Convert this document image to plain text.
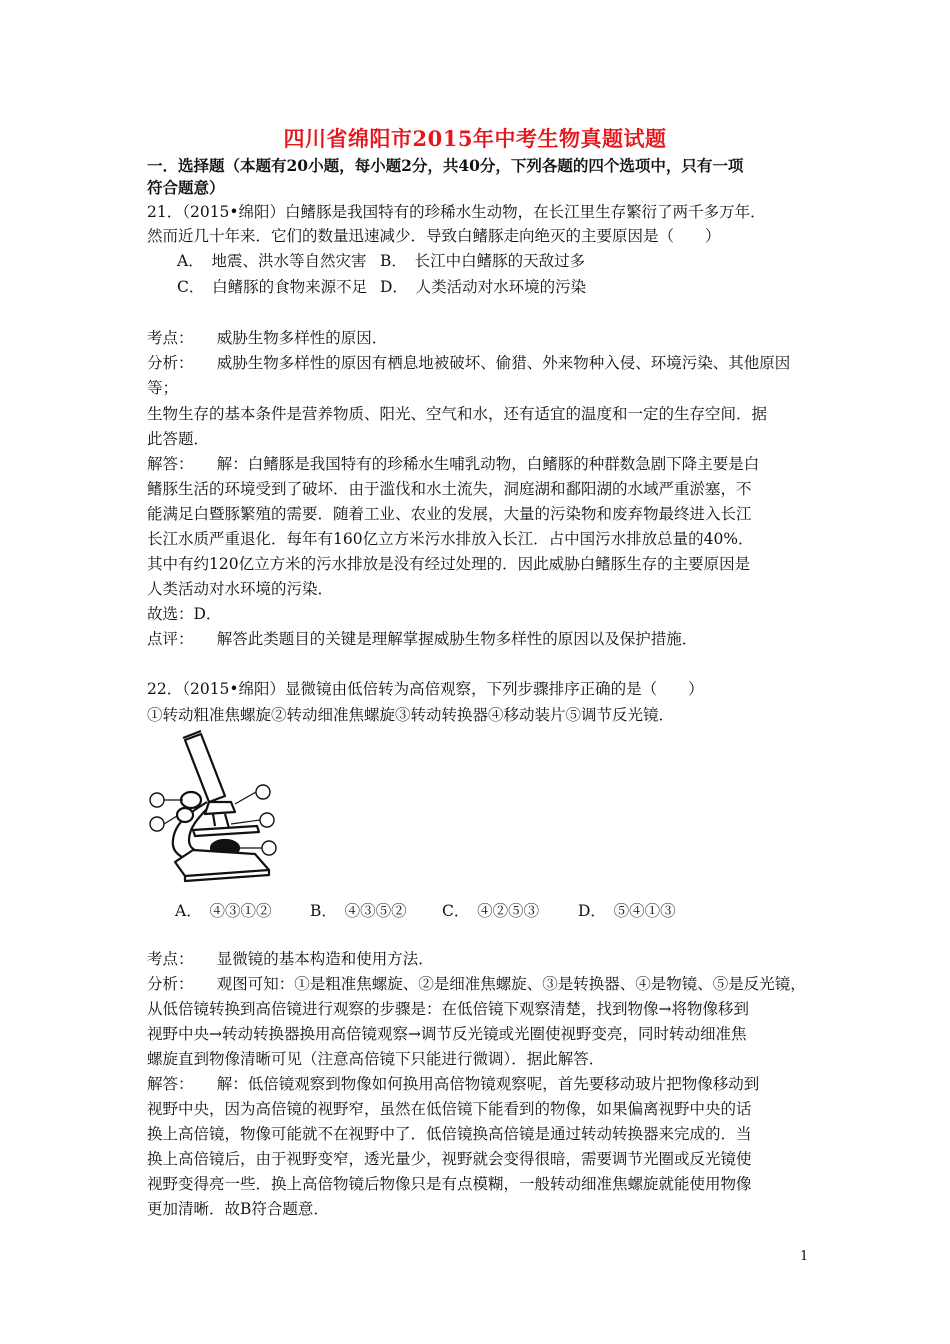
四川省绵阳市2015年中考生物真题试题
一．选择题（本题有20小题，每小题2分，共40分，下列各题的四个选项中，只有一项
符合题意）
21．（2015•绵阳）白鳍豚是我国特有的珍稀水生动物，在长江里生存繁衍了两千多万年．
然而近几十年来．它们的数量迅速减少．导致白鳍豚走向绝灭的主要原因是（　　）
A．　地震、洪水等自然灾害 B．　长江中白鳍豚的天敌过多
C．　白鳍豚的食物来源不足 D．　人类活动对水环境的污染
考点：　　威胁生物多样性的原因．
分析：　　威胁生物多样性的原因有栖息地被破坏、偷猎、外来物种入侵、环境污染、其他原因
等；
生物生存的基本条件是营养物质、阳光、空气和水，还有适宜的温度和一定的生存空间．据
此答题．
解答：　　解：白鳍豚是我国特有的珍稀水生哺乳动物，白鳍豚的种群数急剧下降主要是白
鳍豚生活的环境受到了破坏．由于滥伐和水土流失，洞庭湖和鄱阳湖的水域严重淤塞，不
能满足白暨豚繁殖的需要．随着工业、农业的发展，大量的污染物和废弃物最终进入长江
长江水质严重退化．每年有160亿立方米污水排放入长江．占中国污水排放总量的40%．
其中有约120亿立方米的污水排放是没有经过处理的．因此威胁白鳍豚生存的主要原因是
人类活动对水环境的污染．
故选：D．
点评：　　解答此类题目的关键是理解掌握威胁生物多样性的原因以及保护措施．
22．（2015•绵阳）显微镜由低倍转为高倍观察，下列步骤排序正确的是（　　）
①转动粗准焦螺旋②转动细准焦螺旋③转动转换器④移动装片⑤调节反光镜．
A．　④③①② B．　④③⑤② C．　④②⑤③	D．　⑤④①③
考点：　　显微镜的基本构造和使用方法．
分析：　　观图可知：①是粗准焦螺旋、②是细准焦螺旋、③是转换器、④是物镜、⑤是反光镜，
从低倍镜转换到高倍镜进行观察的步骤是：在低倍镜下观察清楚，找到物像→将物像移到
视野中央→转动转换器换用高倍镜观察→调节反光镜或光圈使视野变亮，同时转动细准焦
螺旋直到物像清晰可见（注意高倍镜下只能进行微调）．据此解答．
解答：　　解：低倍镜观察到物像如何换用高倍物镜观察呢，首先要移动玻片把物像移动到
视野中央，因为高倍镜的视野窄，虽然在低倍镜下能看到的物像，如果偏离视野中央的话
换上高倍镜，物像可能就不在视野中了．低倍镜换高倍镜是通过转动转换器来完成的．当
换上高倍镜后，由于视野变窄，透光量少，视野就会变得很暗，需要调节光圈或反光镜使
视野变得亮一些．换上高倍物镜后物像只是有点模糊，一般转动细准焦螺旋就能使用物像
更加清晰．故B符合题意．
1
